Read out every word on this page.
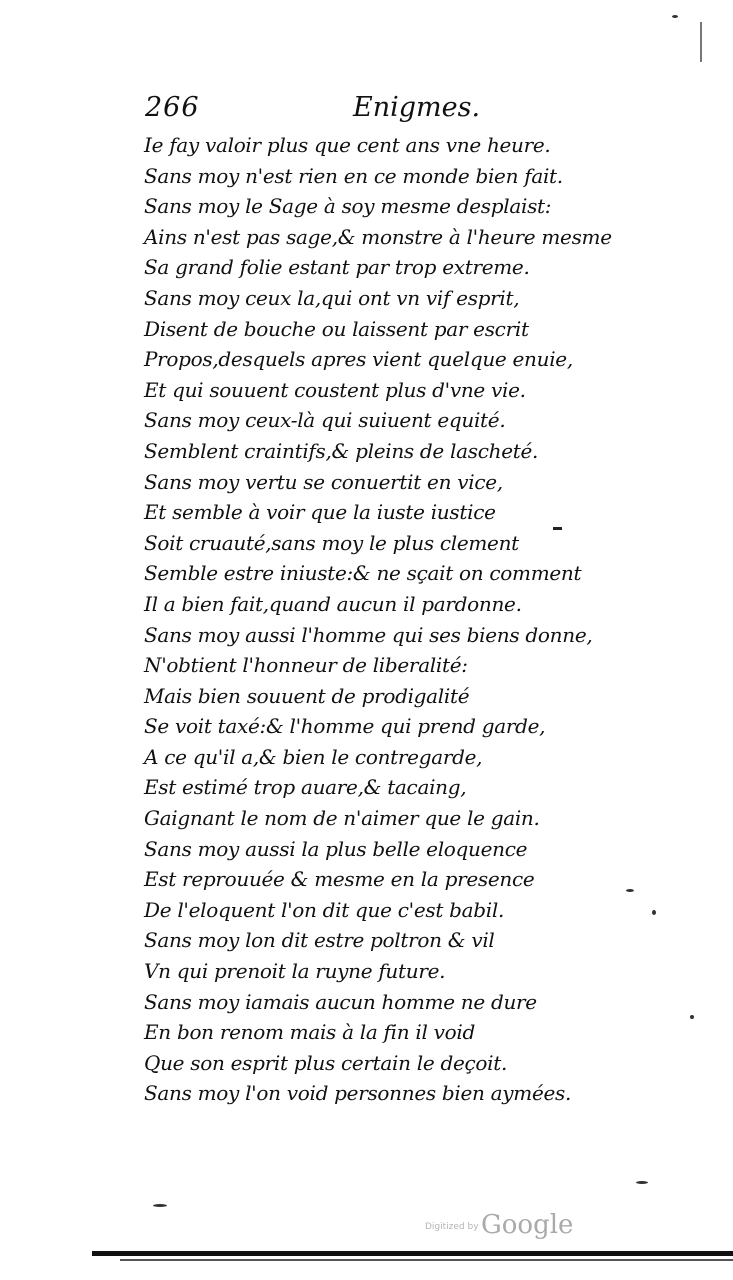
266	Enigmes.
Ie fay valoir plus que cent ans vne heure.
Sans moy n'est rien en ce monde bien fait.
Sans moy le Sage à soy mesme desplaist:
Ains n'est pas sage,& monstre à l'heure mesme
Sa grand folie estant par trop extreme.
Sans moy ceux la,qui ont vn vif esprit,
Disent de bouche ou laissent par escrit
Propos,desquels apres vient quelque enuie,
Et qui souuent coustent plus d'vne vie.
Sans moy ceux-là qui suiuent equité.
Semblent craintifs,& pleins de lascheté.
Sans moy vertu se conuertit en vice,
Et semble à voir que la iuste iustice
Soit cruauté,sans moy le plus clement
Semble estre iniuste:& ne sçait on comment
Il a bien fait,quand aucun il pardonne.
Sans moy aussi l'homme qui ses biens donne,
N'obtient l'honneur de liberalité:
Mais bien souuent de prodigalité
Se voit taxé:& l'homme qui prend garde,
A ce qu'il a,& bien le contregarde,
Est estimé trop auare,& tacaing,
Gaignant le nom de n'aimer que le gain.
Sans moy aussi la plus belle eloquence
Est reprouuée & mesme en la presence
De l'eloquent l'on dit que c'est babil.
Sans moy lon dit estre poltron & vil
Vn qui prenoit la ruyne future.
Sans moy iamais aucun homme ne dure
En bon renom mais à la fin il void
Que son esprit plus certain le deçoit.
Sans moy l'on void personnes bien aymées.
Digitized by Google
